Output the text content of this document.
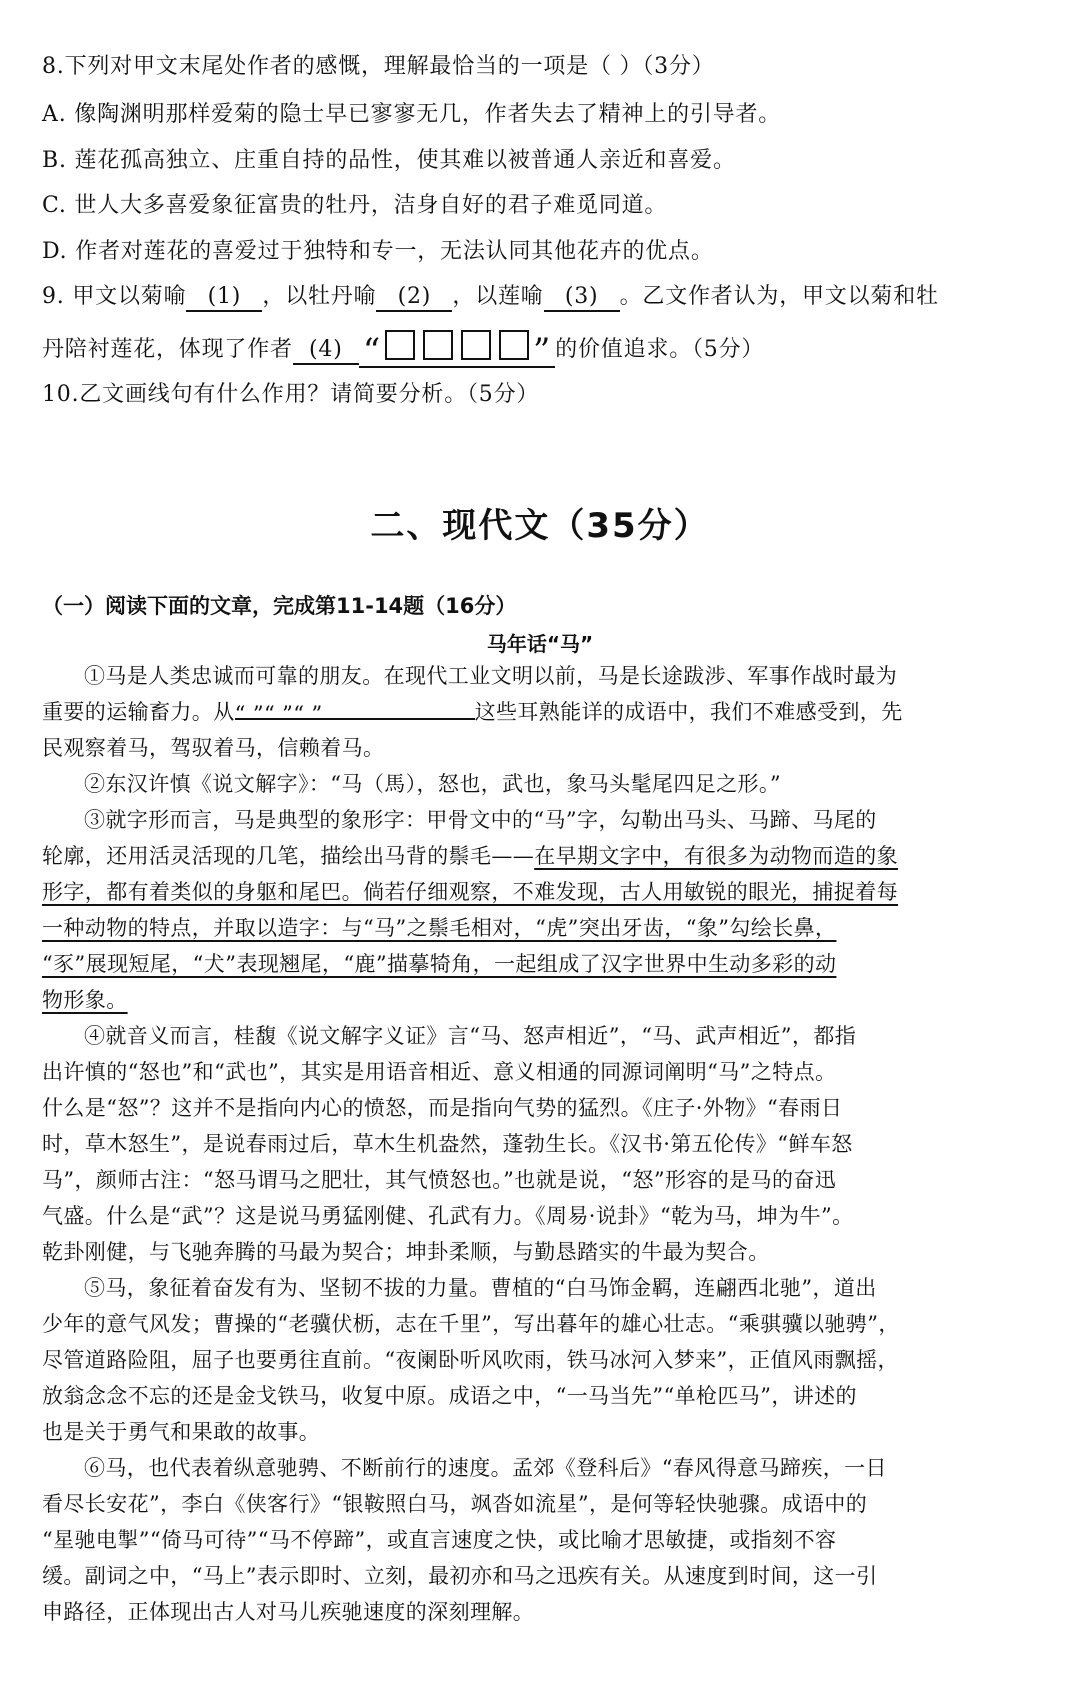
8.下列对甲文末尾处作者的感慨，理解最恰当的一项是（ ）（3分）
A. 像陶渊明那样爱菊的隐士早已寥寥无几，作者失去了精神上的引导者。
B. 莲花孤高独立、庄重自持的品性，使其难以被普通人亲近和喜爱。
C. 世人大多喜爱象征富贵的牡丹，洁身自好的君子难觅同道。
D. 作者对莲花的喜爱过于独特和专一，无法认同其他花卉的优点。
9. 甲文以菊喻 (1) ，以牡丹喻 (2) ，以莲喻 (3) 。乙文作者认为，甲文以菊和牡
丹陪衬莲花，体现了作者 (4) “	” 的价值追求。（5分）
10.乙文画线句有什么作用？请简要分析。（5分）
二、现代文（35分）
（一）阅读下面的文章，完成第11-14题（16分）
马年话“马”
①马是人类忠诚而可靠的朋友。在现代工业文明以前，马是长途跋涉、军事作战时最为
重要的运输畜力。从“ ”“ ”“ ”	这些耳熟能详的成语中，我们不难感受到，先
民观察着马，驾驭着马，信赖着马。
②东汉许慎《说文解字》：“马（馬），怒也，武也，象马头髦尾四足之形。”
③就字形而言，马是典型的象形字：甲骨文中的“马”字，勾勒出马头、马蹄、马尾的
轮廓，还用活灵活现的几笔，描绘出马背的鬃毛——在早期文字中，有很多为动物而造的象
形字，都有着类似的身躯和尾巴。倘若仔细观察，不难发现，古人用敏锐的眼光，捕捉着每
一种动物的特点，并取以造字：与“马”之鬃毛相对，“虎”突出牙齿，“象”勾绘长鼻，
“豕”展现短尾，“犬”表现翘尾，“鹿”描摹犄角，一起组成了汉字世界中生动多彩的动
物形象。
④就音义而言，桂馥《说文解字义证》言“马、怒声相近”，“马、武声相近”，都指
出许慎的“怒也”和“武也”，其实是用语音相近、意义相通的同源词阐明“马”之特点。
什么是“怒”？这并不是指向内心的愤怒，而是指向气势的猛烈。《庄子·外物》“春雨日
时，草木怒生”，是说春雨过后，草木生机盎然，蓬勃生长。《汉书·第五伦传》“鲜车怒
马”，颜师古注：“怒马谓马之肥壮，其气愤怒也。”也就是说，“怒”形容的是马的奋迅
气盛。什么是“武”？这是说马勇猛刚健、孔武有力。《周易·说卦》“乾为马，坤为牛”。
乾卦刚健，与飞驰奔腾的马最为契合；坤卦柔顺，与勤恳踏实的牛最为契合。
⑤马，象征着奋发有为、坚韧不拔的力量。曹植的“白马饰金羁，连翩西北驰”，道出
少年的意气风发；曹操的“老骥伏枥，志在千里”，写出暮年的雄心壮志。“乘骐骥以驰骋”，
尽管道路险阻，屈子也要勇往直前。“夜阑卧听风吹雨，铁马冰河入梦来”，正值风雨飘摇，
放翁念念不忘的还是金戈铁马，收复中原。成语之中，“一马当先”“单枪匹马”，讲述的
也是关于勇气和果敢的故事。
⑥马，也代表着纵意驰骋、不断前行的速度。孟郊《登科后》“春风得意马蹄疾，一日
看尽长安花”，李白《侠客行》“银鞍照白马，飒沓如流星”，是何等轻快驰骤。成语中的
“星驰电掣”“倚马可待”“马不停蹄”，或直言速度之快，或比喻才思敏捷，或指刻不容
缓。副词之中，“马上”表示即时、立刻，最初亦和马之迅疾有关。从速度到时间，这一引
申路径，正体现出古人对马儿疾驰速度的深刻理解。
